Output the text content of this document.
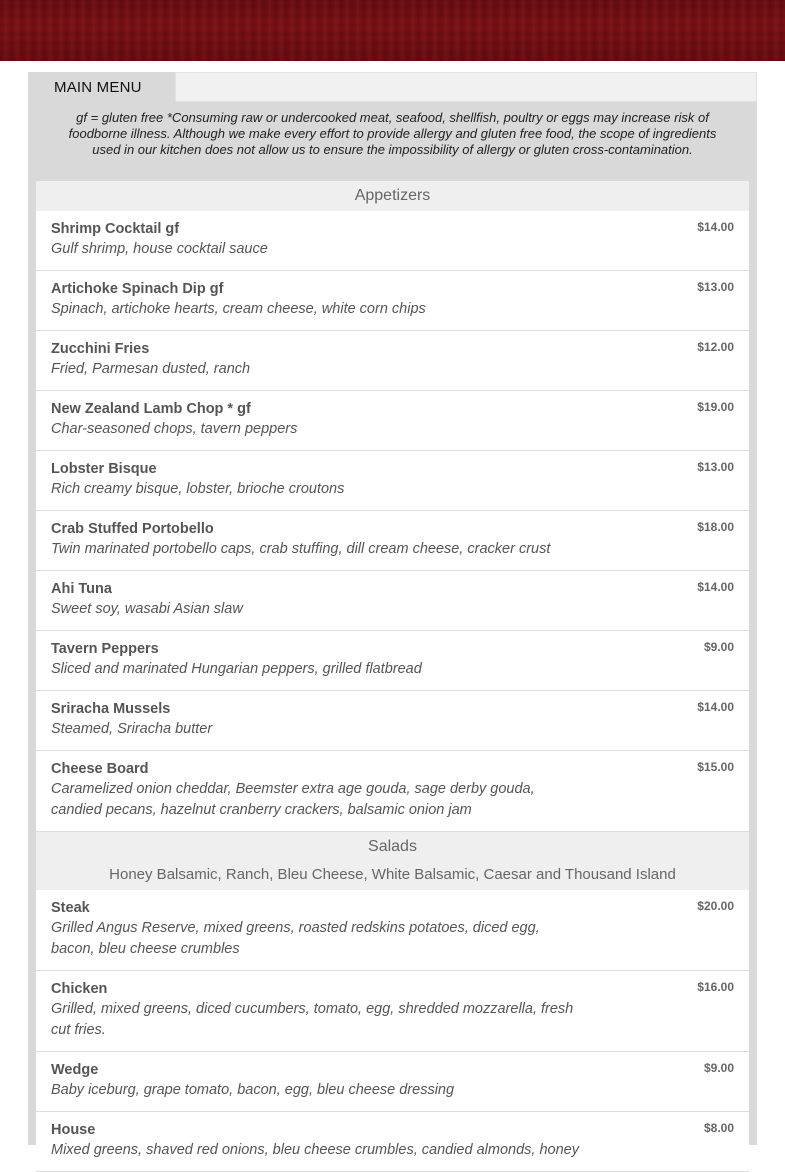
MAIN MENU
gf = gluten free *Consuming raw or undercooked meat, seafood, shellfish, poultry or eggs may increase risk of foodborne illness. Although we make every effort to provide allergy and gluten free food, the scope of ingredients used in our kitchen does not allow us to ensure the impossibility of allergy or gluten cross-contamination.
Appetizers
Shrimp Cocktail gf
Gulf shrimp, house cocktail sauce
$14.00
Artichoke Spinach Dip gf
Spinach, artichoke hearts, cream cheese, white corn chips
$13.00
Zucchini Fries
Fried, Parmesan dusted, ranch
$12.00
New Zealand Lamb Chop * gf
Char-seasoned chops, tavern peppers
$19.00
Lobster Bisque
Rich creamy bisque, lobster, brioche croutons
$13.00
Crab Stuffed Portobello
Twin marinated portobello caps, crab stuffing, dill cream cheese, cracker crust
$18.00
Ahi Tuna
Sweet soy, wasabi Asian slaw
$14.00
Tavern Peppers
Sliced and marinated Hungarian peppers, grilled flatbread
$9.00
Sriracha Mussels
Steamed, Sriracha butter
$14.00
Cheese Board
Caramelized onion cheddar, Beemster extra age gouda, sage derby gouda, candied pecans, hazelnut cranberry crackers, balsamic onion jam
$15.00
Salads
Honey Balsamic, Ranch, Bleu Cheese, White Balsamic, Caesar and Thousand Island
Steak
Grilled Angus Reserve, mixed greens, roasted redskins potatoes, diced egg, bacon, bleu cheese crumbles
$20.00
Chicken
Grilled, mixed greens, diced cucumbers, tomato, egg, shredded mozzarella, fresh cut fries.
$16.00
Wedge
Baby iceburg, grape tomato, bacon, egg, bleu cheese dressing
$9.00
House
Mixed greens, shaved red onions, bleu cheese crumbles, candied almonds, honey
$8.00
